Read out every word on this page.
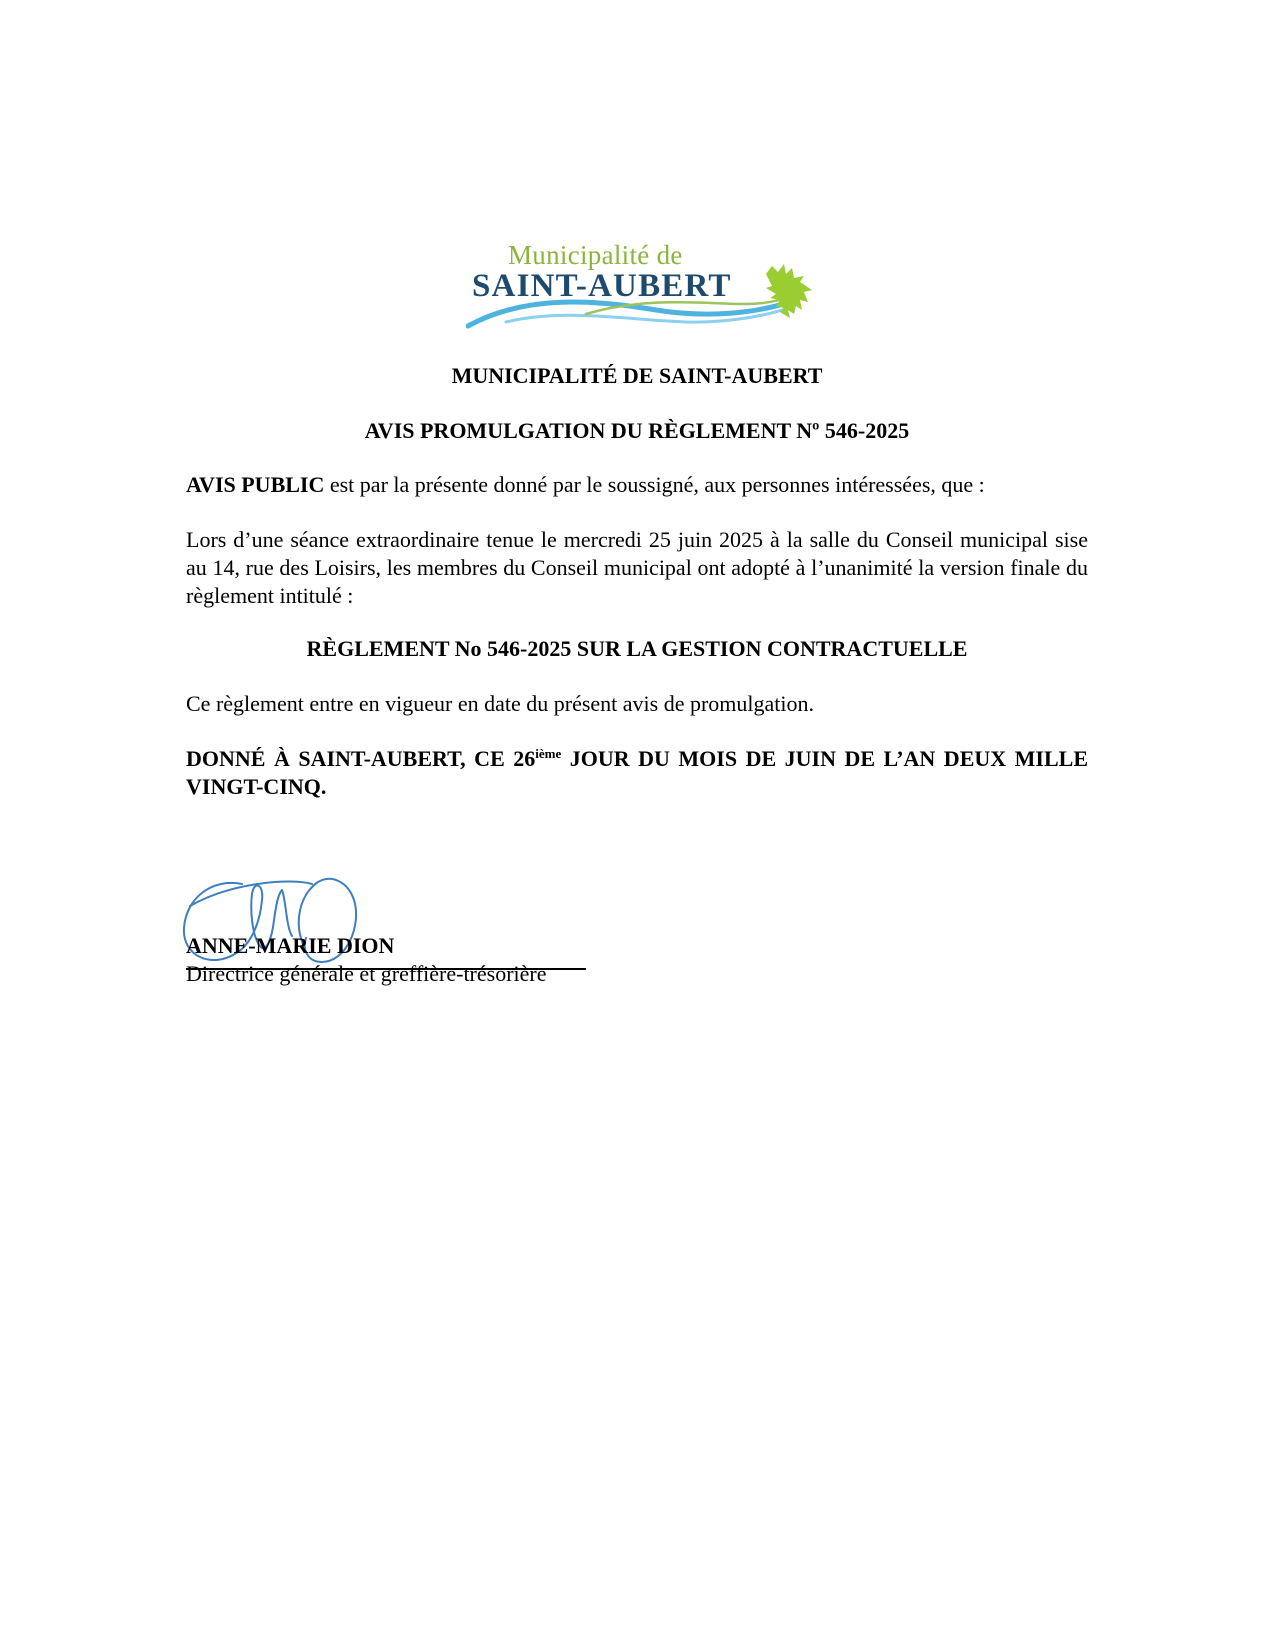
Municipalité de
SAINT-AUBERT
MUNICIPALITÉ DE SAINT-AUBERT
AVIS PROMULGATION DU RÈGLEMENT Nº 546-2025
AVIS PUBLIC est par la présente donné par le soussigné, aux personnes intéressées, que :
Lors d’une séance extraordinaire tenue le mercredi 25 juin 2025 à la salle du Conseil municipal sise au 14, rue des Loisirs, les membres du Conseil municipal ont adopté à l’unanimité la version finale du règlement intitulé :
RÈGLEMENT No 546-2025 SUR LA GESTION CONTRACTUELLE
Ce règlement entre en vigueur en date du présent avis de promulgation.
DONNÉ À SAINT-AUBERT, CE 26ième JOUR DU MOIS DE JUIN DE L’AN DEUX MILLE VINGT-CINQ.
ANNE-MARIE DION
Directrice générale et greffière-trésorière
